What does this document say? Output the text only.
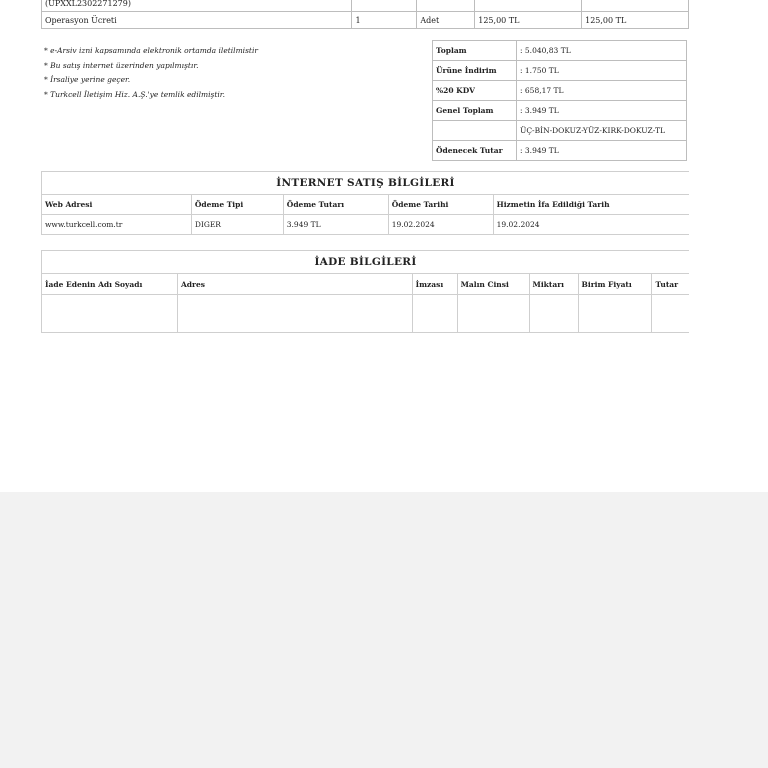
(UPXXL2302271279)				
Operasyon Ücreti	1	Adet	125,00 TL	125,00 TL
* e-Arsiv izni kapsamında elektronik ortamda iletilmistir
* Bu satış internet üzerinden yapılmıştır.
* İrsaliye yerine geçer.
* Turkcell İletişim Hiz. A.Ş.'ye temlik edilmiştir.
Toplam	: 5.040,83 TL
Ürüne İndirim	: 1.750 TL
%20 KDV	: 658,17 TL
Genel Toplam	: 3.949 TL
	ÜÇ-BİN-DOKUZ-YÜZ-KIRK-DOKUZ-TL
Ödenecek Tutar	: 3.949 TL
İNTERNET SATIŞ BİLGİLERİ
Web Adresi	Ödeme Tipi	Ödeme Tutarı	Ödeme Tarihi	Hizmetin İfa Edildiği Tarih
www.turkcell.com.tr	DIGER	3.949 TL	19.02.2024	19.02.2024
İADE BİLGİLERİ
İade Edenin Adı Soyadı	Adres	İmzası	Malın Cinsi	Miktarı	Birim Fiyatı	Tutar
